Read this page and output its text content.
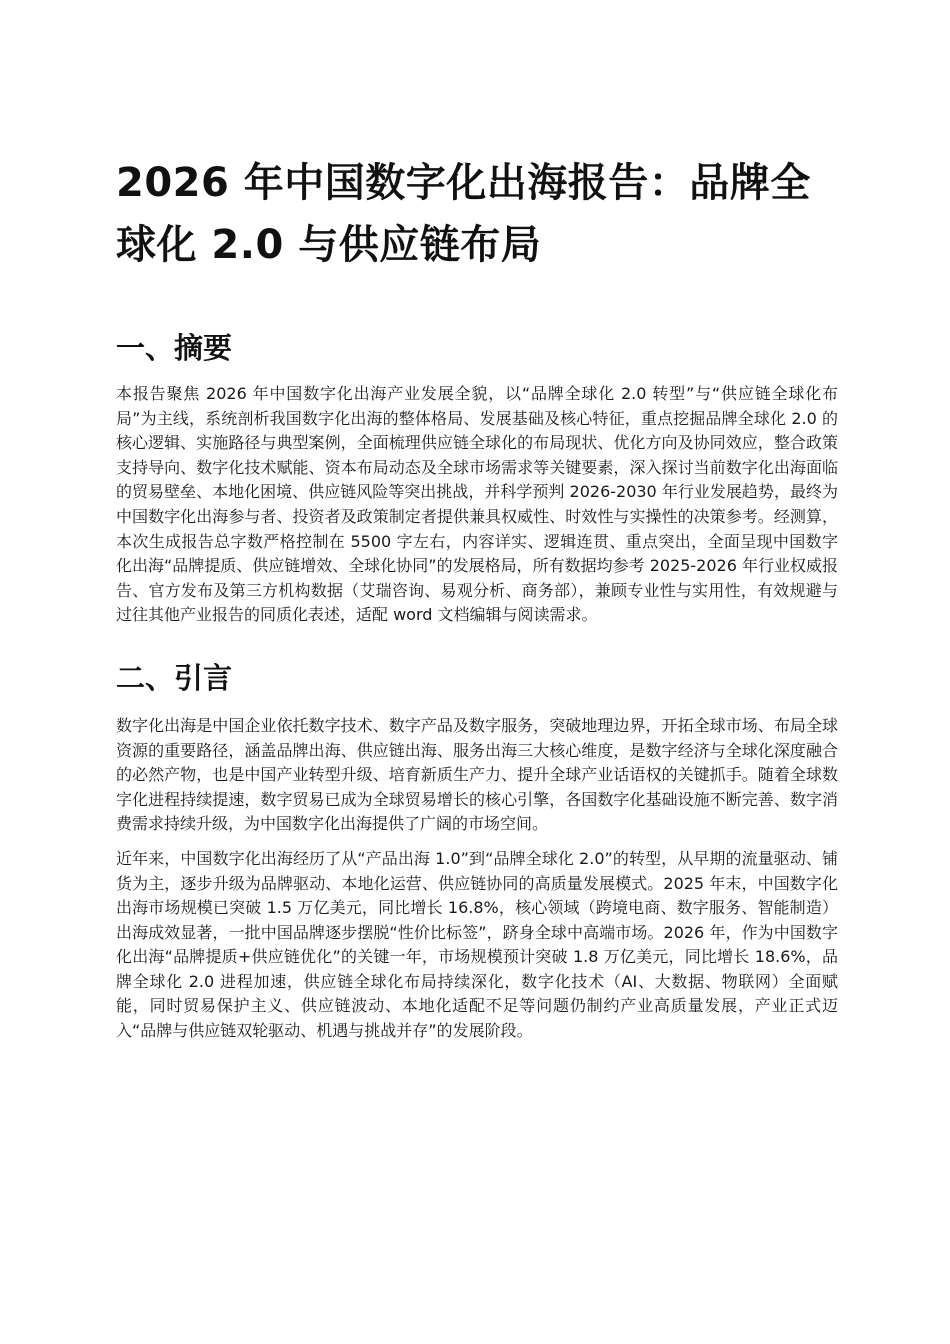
2026 年中国数字化出海报告：品牌全球化 2.0 与供应链布局
一、摘要

本报告聚焦 2026 年中国数字化出海产业发展全貌，以“品牌全球化 2.0 转型”与“供应链全球化布局”为主线，系统剖析我国数字化出海的整体格局、发展基础及核心特征，重点挖掘品牌全球化 2.0 的核心逻辑、实施路径与典型案例，全面梳理供应链全球化的布局现状、优化方向及协同效应，整合政策支持导向、数字化技术赋能、资本布局动态及全球市场需求等关键要素，深入探讨当前数字化出海面临的贸易壁垒、本地化困境、供应链风险等突出挑战，并科学预判 2026-2030 年行业发展趋势，最终为中国数字化出海参与者、投资者及政策制定者提供兼具权威性、时效性与实操性的决策参考。经测算，本次生成报告总字数严格控制在 5500 字左右，内容详实、逻辑连贯、重点突出，全面呈现中国数字化出海“品牌提质、供应链增效、全球化协同”的发展格局，所有数据均参考 2025-2026 年行业权威报告、官方发布及第三方机构数据（艾瑞咨询、易观分析、商务部），兼顾专业性与实用性，有效规避与过往其他产业报告的同质化表述，适配 word 文档编辑与阅读需求。

二、引言

数字化出海是中国企业依托数字技术、数字产品及数字服务，突破地理边界，开拓全球市场、布局全球资源的重要路径，涵盖品牌出海、供应链出海、服务出海三大核心维度，是数字经济与全球化深度融合的必然产物，也是中国产业转型升级、培育新质生产力、提升全球产业话语权的关键抓手。随着全球数字化进程持续提速，数字贸易已成为全球贸易增长的核心引擎，各国数字化基础设施不断完善、数字消费需求持续升级，为中国数字化出海提供了广阔的市场空间。

近年来，中国数字化出海经历了从“产品出海 1.0”到“品牌全球化 2.0”的转型，从早期的流量驱动、铺货为主，逐步升级为品牌驱动、本地化运营、供应链协同的高质量发展模式。2025 年末，中国数字化出海市场规模已突破 1.5 万亿美元，同比增长 16.8%，核心领域（跨境电商、数字服务、智能制造）出海成效显著，一批中国品牌逐步摆脱“性价比标签”，跻身全球中高端市场。2026 年，作为中国数字化出海“品牌提质+供应链优化”的关键一年，市场规模预计突破 1.8 万亿美元，同比增长 18.6%，品牌全球化 2.0 进程加速，供应链全球化布局持续深化，数字化技术（AI、大数据、物联网）全面赋能，同时贸易保护主义、供应链波动、本地化适配不足等问题仍制约产业高质量发展，产业正式迈入“品牌与供应链双轮驱动、机遇与挑战并存”的发展阶段。
